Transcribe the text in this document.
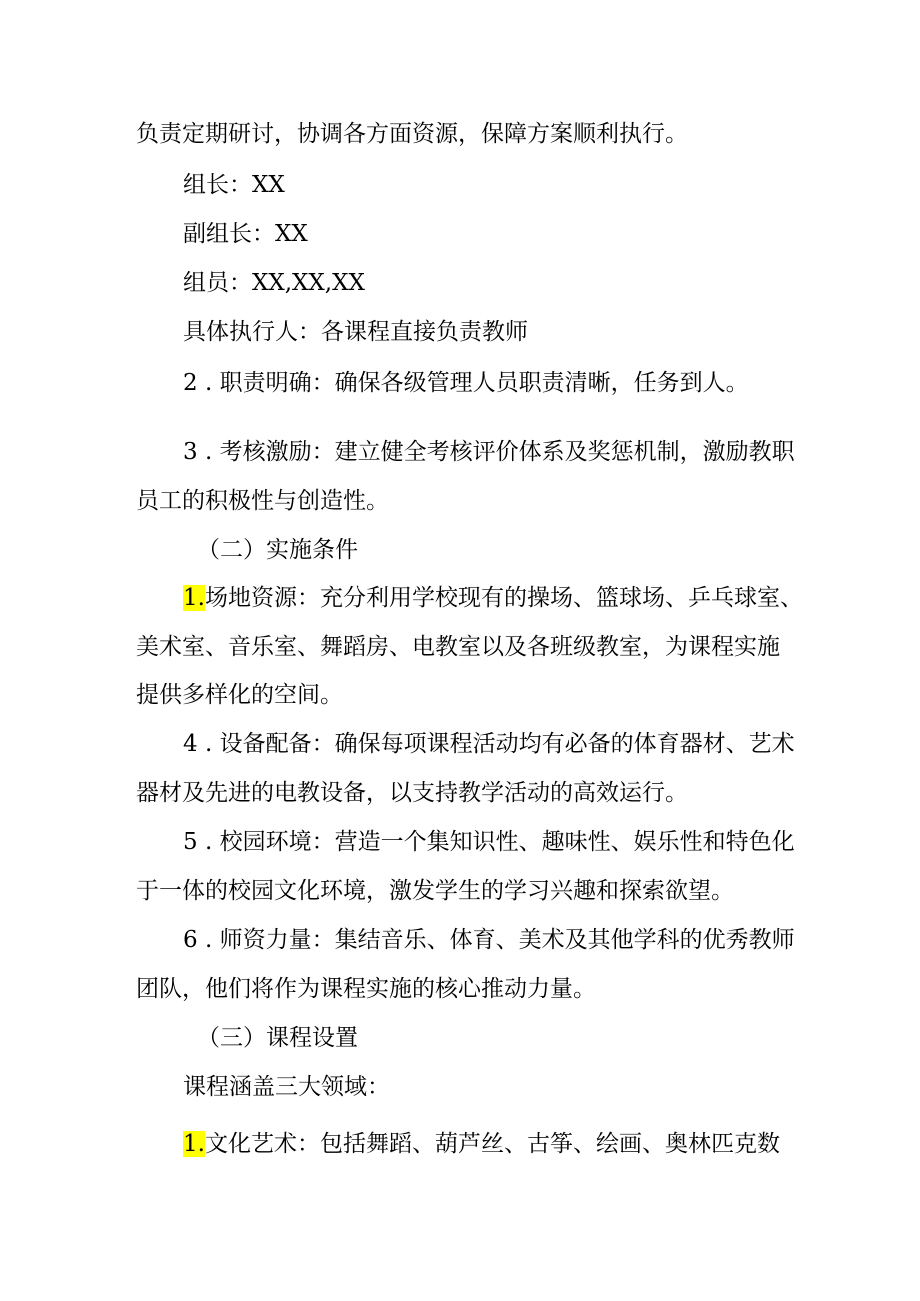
负责定期研讨，协调各方面资源，保障方案顺利执行。
组长：XX
副组长：XX
组员：XX,XX,XX
具体执行人：各课程直接负责教师
2 . 职责明确：确保各级管理人员职责清晰，任务到人。
3 . 考核激励：建立健全考核评价体系及奖惩机制，激励教职
员工的积极性与创造性。
（二）实施条件
1.场地资源：充分利用学校现有的操场、篮球场、乒乓球室、
美术室、音乐室、舞蹈房、电教室以及各班级教室，为课程实施
提供多样化的空间。
4 . 设备配备：确保每项课程活动均有必备的体育器材、艺术
器材及先进的电教设备，以支持教学活动的高效运行。
5 . 校园环境：营造一个集知识性、趣味性、娱乐性和特色化
于一体的校园文化环境，激发学生的学习兴趣和探索欲望。
6 . 师资力量：集结音乐、体育、美术及其他学科的优秀教师
团队，他们将作为课程实施的核心推动力量。
（三）课程设置
课程涵盖三大领域：
1.文化艺术：包括舞蹈、葫芦丝、古筝、绘画、奥林匹克数
